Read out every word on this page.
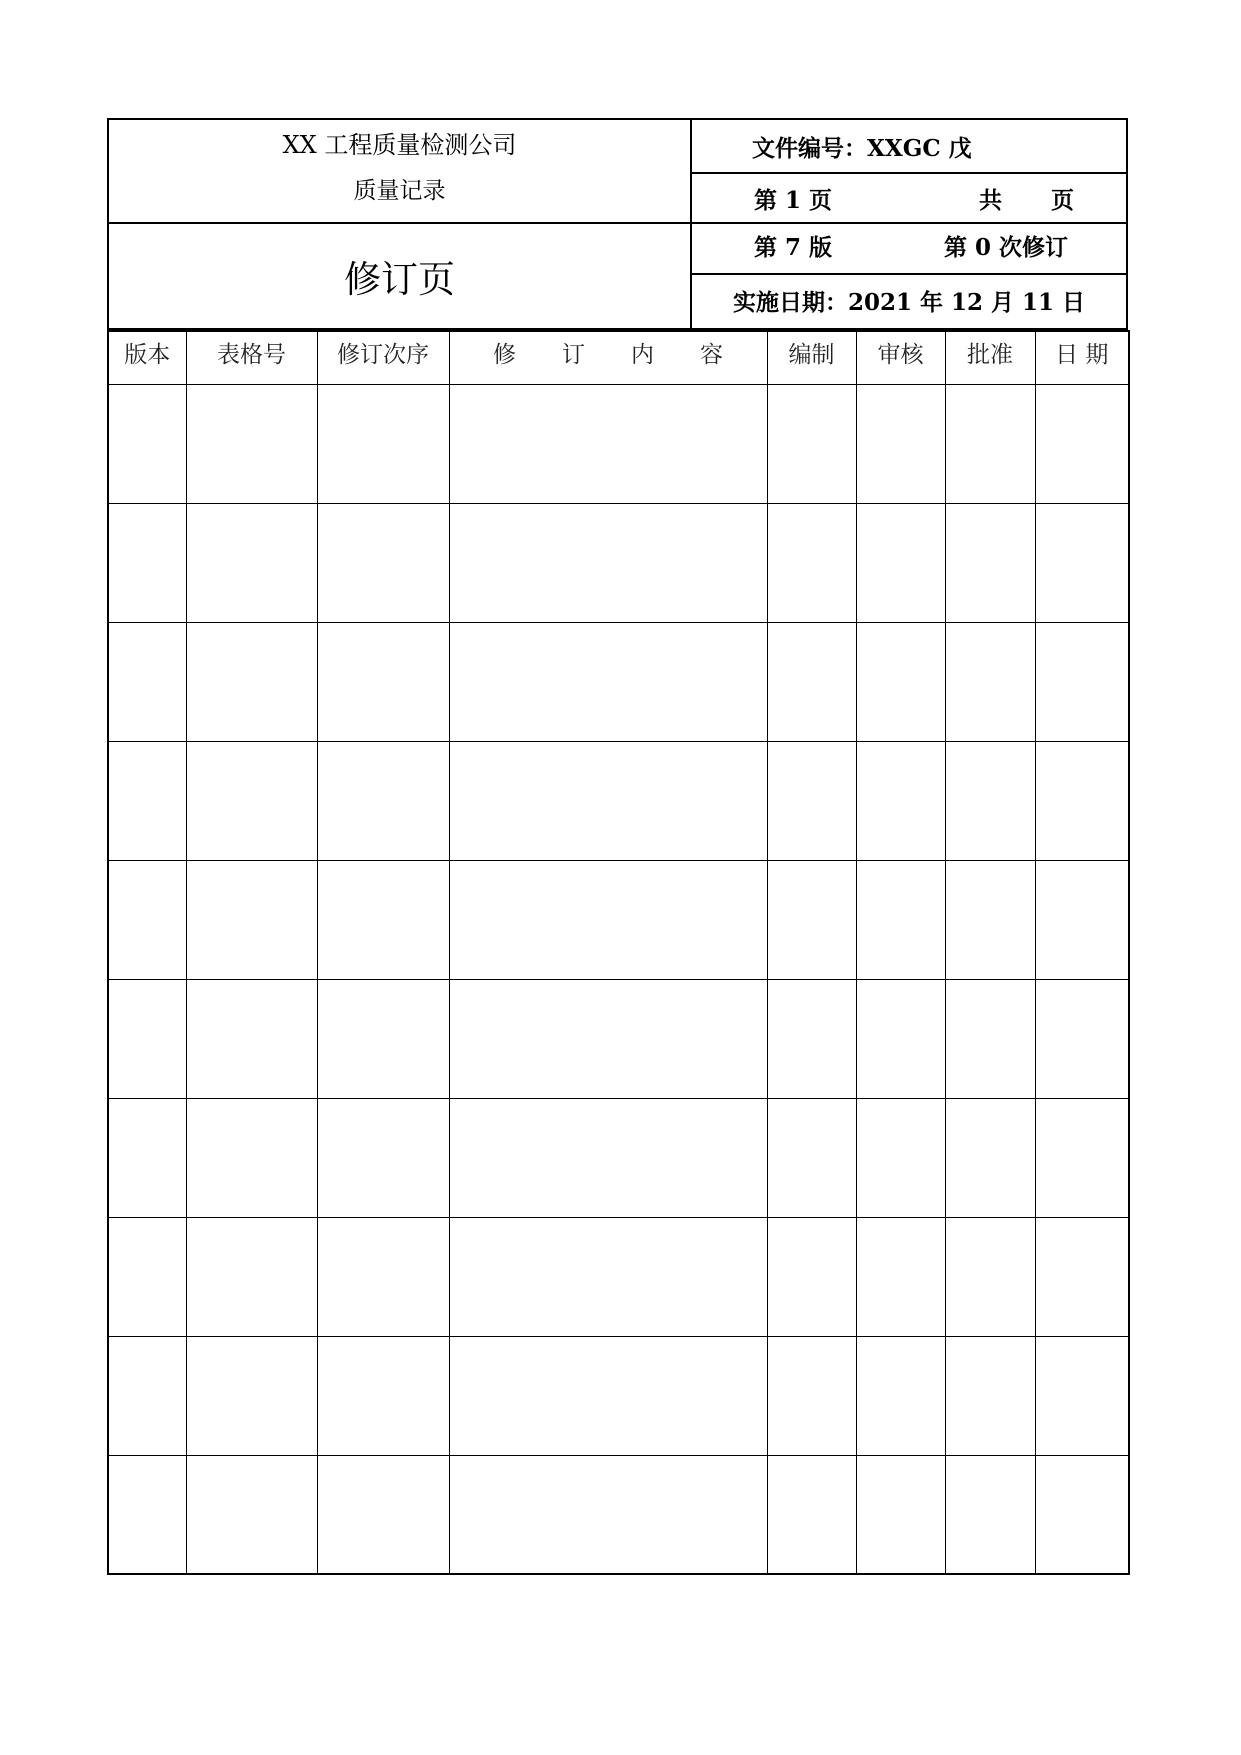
XX 工程质量检测公司
质量记录
修订页
文件编号：XXGC 戊
第 1 页	共 　页
第 7 版	第 0 次修订
实施日期：2021 年 12 月 11 日
版本	表格号	修订次序	修　　订　　内　　容	编制	审核	批准	日 期
